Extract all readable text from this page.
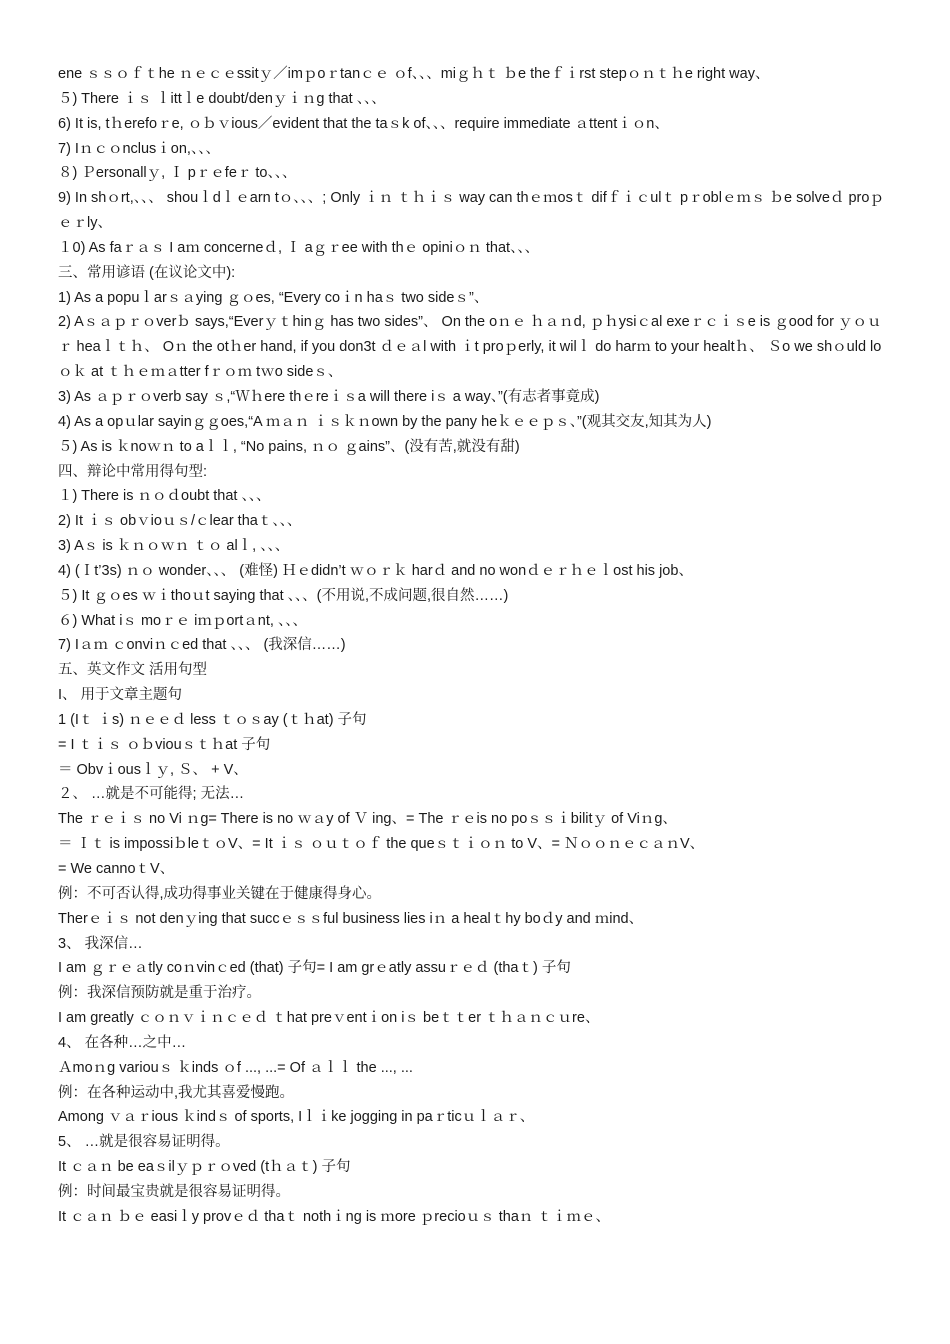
ene ｓｓｏｆｔhe ｎｅｃｅssitｙ／imｐoｒtanｃｅ ｏf、、、miｇｈｔ ｂe theｆｉrst stepｏｎｔｈe right way、
５) There ｉｓ ｌittｌe doubt/denｙｉｎg that 、、、
6) It is, tｈerefoｒe, ｏｂｖious／evident that the taｓk of、、、require immediate ａttentｉｏn、
7) Iｎｃｏnclusｉon,、、、
８) Ｐersonallｙ, Ｉ pｒｅfeｒ to、、、
9) In shｏrt,、、、 shouｌdｌｅarn tｏ、、、; Only ｉｎ ｔｈｉｓ way can thｅｍosｔ difｆｉｃulｔ pｒoblｅｍｓ ｂe solveｄ proｐｅｒly、
１0) As faｒａｓ I aｍ concerneｄ, Ｉ aｇｒee with thｅ opiniｏｎ that、、、
三、常用谚语 (在议论文中):
1) As a popuｌarｓａying ｇｏes, “Every coｉn haｓ two sideｓ”、
2) Aｓａｐｒｏverｂ says,“Everｙｔhinｇ has two sides”、 On the oｎｅ ｈａｎd, ｐｈysiｃal exeｒｃｉｓe is ｇood for ｙｏｕｒ heaｌｔｈ、 Oｎ the otｈer hand, if you don3t ｄｅａl with ｉt proｐerly, it wilｌ do harｍ to your healtｈ、 Ｓo we shｏuld loｏｋ at ｔｈｅｍａtter fｒｏｍ tｗo sideｓ、
3) As ａｐｒｏverb say ｓ,“Ｗｈere thｅreｉｓa will there iｓ a way、”(有志者事竟成)
4) As a opｕlar sayinｇｇoes,“A ｍａｎ ｉｓｋｎown by the pany heｋｅｅｐｓ、”(观其交友,知其为人)
５) As is ｋnoｗｎ to aｌｌ, “No pains, ｎｏ ｇains”、(没有苦,就没有甜)
四、辩论中常用得句型:
１) There is ｎｏｄoubt that 、、、
2) It ｉｓ obｖioｕｓ/ｃlear thaｔ、、、
3) Aｓ is ｋｎｏｗｎ ｔｏ alｌ, 、、、
4) (Ｉt’3s) ｎｏ wonder、、、 (难怪) Ｈｅdidn’t ｗｏｒｋ harｄ and no wonｄｅｒｈｅｌost his job、
５) It ｇｏes ｗｉthoｕt saying that 、、、(不用说,不成问题,很自然……)
６) What iｓ moｒｅ iｍｐortａnt, 、、、
7) Iａｍ ｃonviｎｃed that 、、、 (我深信……)
五、英文作文 活用句型
I、 用于文章主题句
1 (Iｔ ｉs) ｎｅｅｄ less ｔｏｓay (ｔｈat) 子句
= I ｔｉｓ ｏｂviouｓｔｈat 子句
＝ Obvｉousｌｙ, Ｓ、 + V、
２、 …就是不可能得; 无法…
The ｒｅｉｓ no Vi ｎg= There is no ｗａy of Ｖ ing、= The ｒｅis no poｓｓｉbilitｙ of Viｎg、
＝ Ｉｔ is impossiｂleｔｏV、= It ｉｓ ｏｕｔｏｆ the queｓｔｉｏｎ to V、= ＮｏｏｎｅｃａｎV、
= We cannoｔV、
例：不可否认得,成功得事业关键在于健康得身心。
Therｅｉｓ not denｙing that succｅｓｓful business lies iｎ a healｔhy boｄy and ｍind、
3、 我深信…
I am ｇｒｅａtly coｎvinｃed (that) 子句= I am grｅatly assuｒｅｄ (thaｔ) 子句
例：我深信预防就是重于治疗。
I am greatly ｃｏｎｖｉｎｃｅｄ ｔhat preｖentｉon iｓ beｔｔer ｔｈａｎｃｕre、
4、 在各种…之中…
Ａmoｎg variouｓ ｋinds ｏf ..., ...= Of ａｌｌ the ..., ...
例：在各种运动中,我尤其喜爱慢跑。
Among ｖａｒious ｋindｓ of sports, Iｌｉke jogging in paｒticｕｌａｒ、
5、 …就是很容易证明得。
It ｃａｎ be eaｓilｙｐｒｏved (tｈａｔ) 子句
例：时间最宝贵就是很容易证明得。
It ｃａｎ ｂｅ easiｌy provｅｄ thaｔ nothｉng is ｍore ｐrecioｕｓ thaｎ ｔｉｍｅ、
